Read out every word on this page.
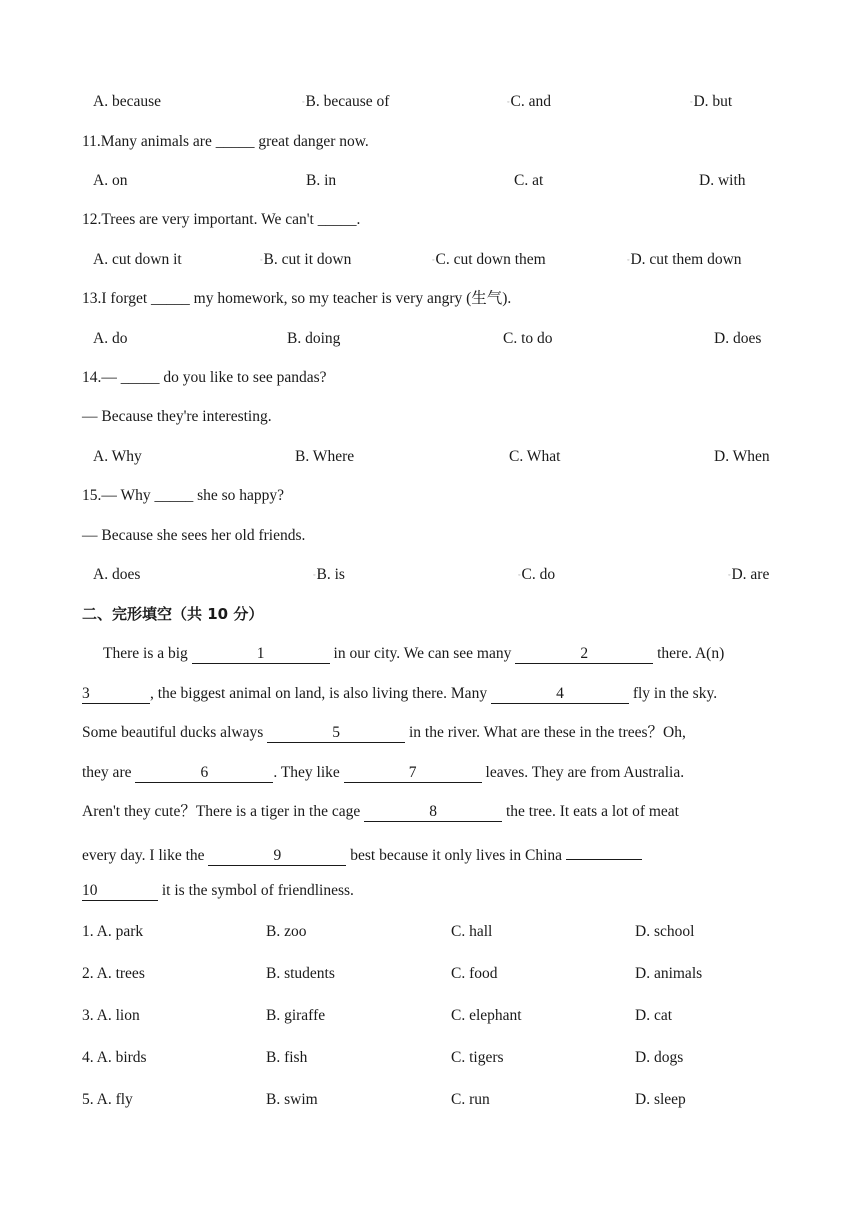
A. because	◦B. because of	◦C. and	◦D. but
11.Many animals are _____ great danger now.
A. on	B. in	C. at	D. with
12.Trees are very important. We can't _____.
A. cut down it	◦B. cut it down	◦C. cut down them	◦D. cut them down
13.I forget _____ my homework, so my teacher is very angry (生气).
A. do	B. doing	C. to do	D. does
14.— _____ do you like to see pandas?
— Because they're interesting.
A. Why	B. Where	C. What	D. When
15.— Why _____ she so happy?
— Because she sees her old friends.
A. does	◦B. is	◦C. do	◦D. are
二、完形填空（共 10 分）
There is a big	1	in our city. We can see many	2	there. A(n)
3	, the biggest animal on land, is also living there. Many	4	fly in the sky.
Some beautiful ducks always	5	in the river. What are these in the trees？Oh,
they are	6	. They like	7	leaves. They are from Australia.
Aren't they cute？There is a tiger in the cage	8	the tree. It eats a lot of meat
every day. I like the	9	best because it only lives in China
10	it is the symbol of friendliness.
1. A. park	B. zoo	C. hall	D. school
2. A. trees	B. students	C. food	D. animals
3. A. lion	B. giraffe	C. elephant	D. cat
4. A. birds	B. fish	C. tigers	D. dogs
5. A. fly	B. swim	C. run	D. sleep
